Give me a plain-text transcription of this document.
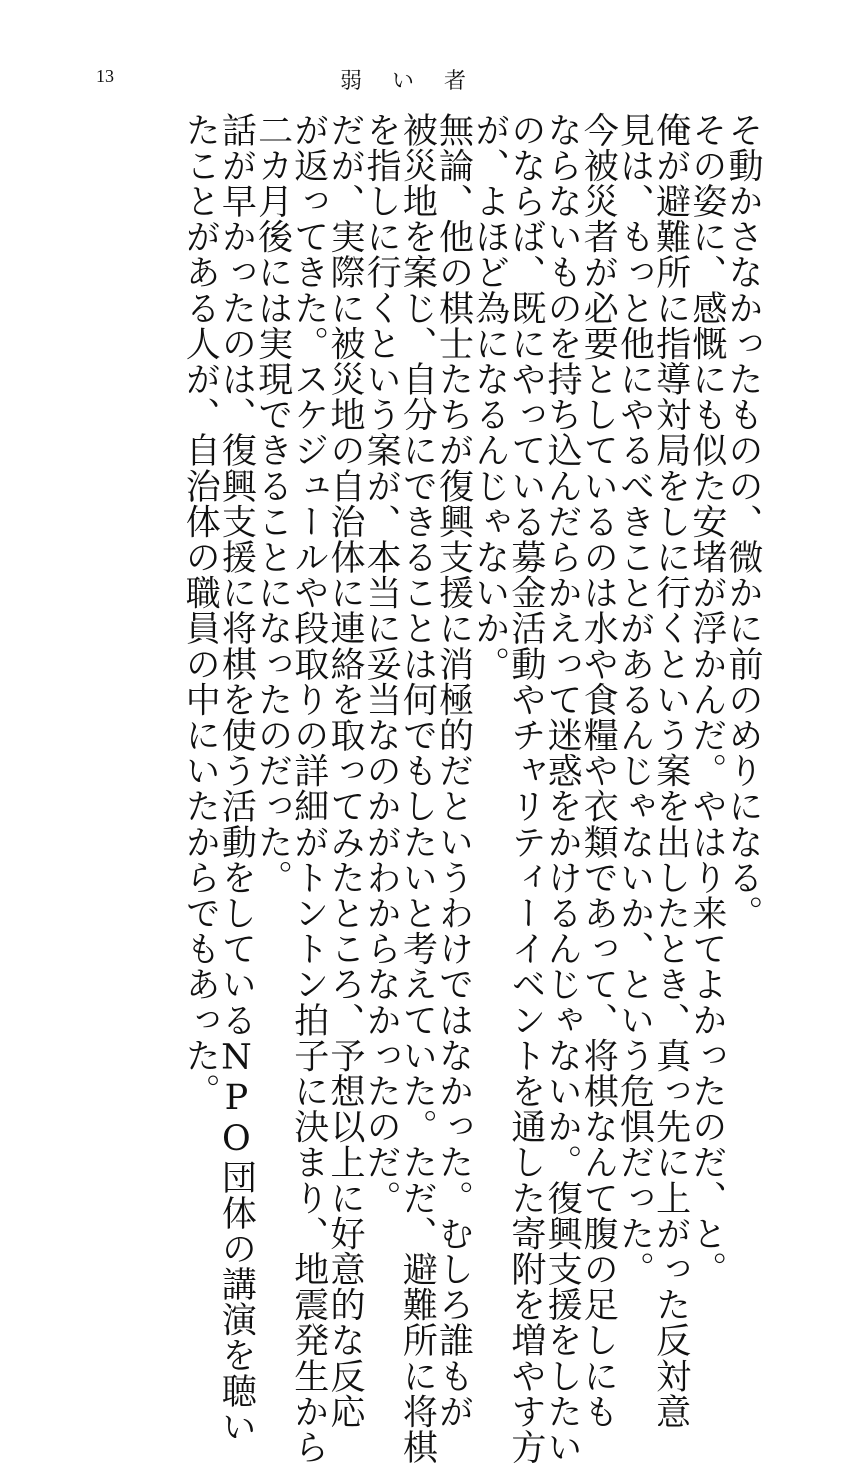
13	弱い者
そ動かさなかったものの、微かに前のめりになる。
その姿に、感慨にも似た安堵が浮かんだ。やはり来てよかったのだ、と。
俺が避難所に指導対局をしに行くという案を出したとき、真っ先に上がった反対意
見は、もっと他にやるべきことがあるんじゃないか、という危惧だった。
今被災者が必要としているのは水や食糧や衣類であって、将棋なんて腹の足しにも
ならないものを持ち込んだらかえって迷惑をかけるんじゃないか。復興支援をしたい
のならば、既にやっている募金活動やチャリティーイベントを通した寄附を増やす方
が、よほど為になるんじゃないか。
無論、他の棋士たちが復興支援に消極的だというわけではなかった。むしろ誰もが
被災地を案じ、自分にできることは何でもしたいと考えていた。ただ、避難所に将棋
を指しに行くという案が、本当に妥当なのかがわからなかったのだ。
だが、実際に被災地の自治体に連絡を取ってみたところ、予想以上に好意的な反応
が返ってきた。スケジュールや段取りの詳細がトントン拍子に決まり、地震発生から
二カ月後には実現できることになったのだった。
話が早かったのは、復興支援に将棋を使う活動をしているNPO団体の講演を聴い
たことがある人が、自治体の職員の中にいたからでもあった。
